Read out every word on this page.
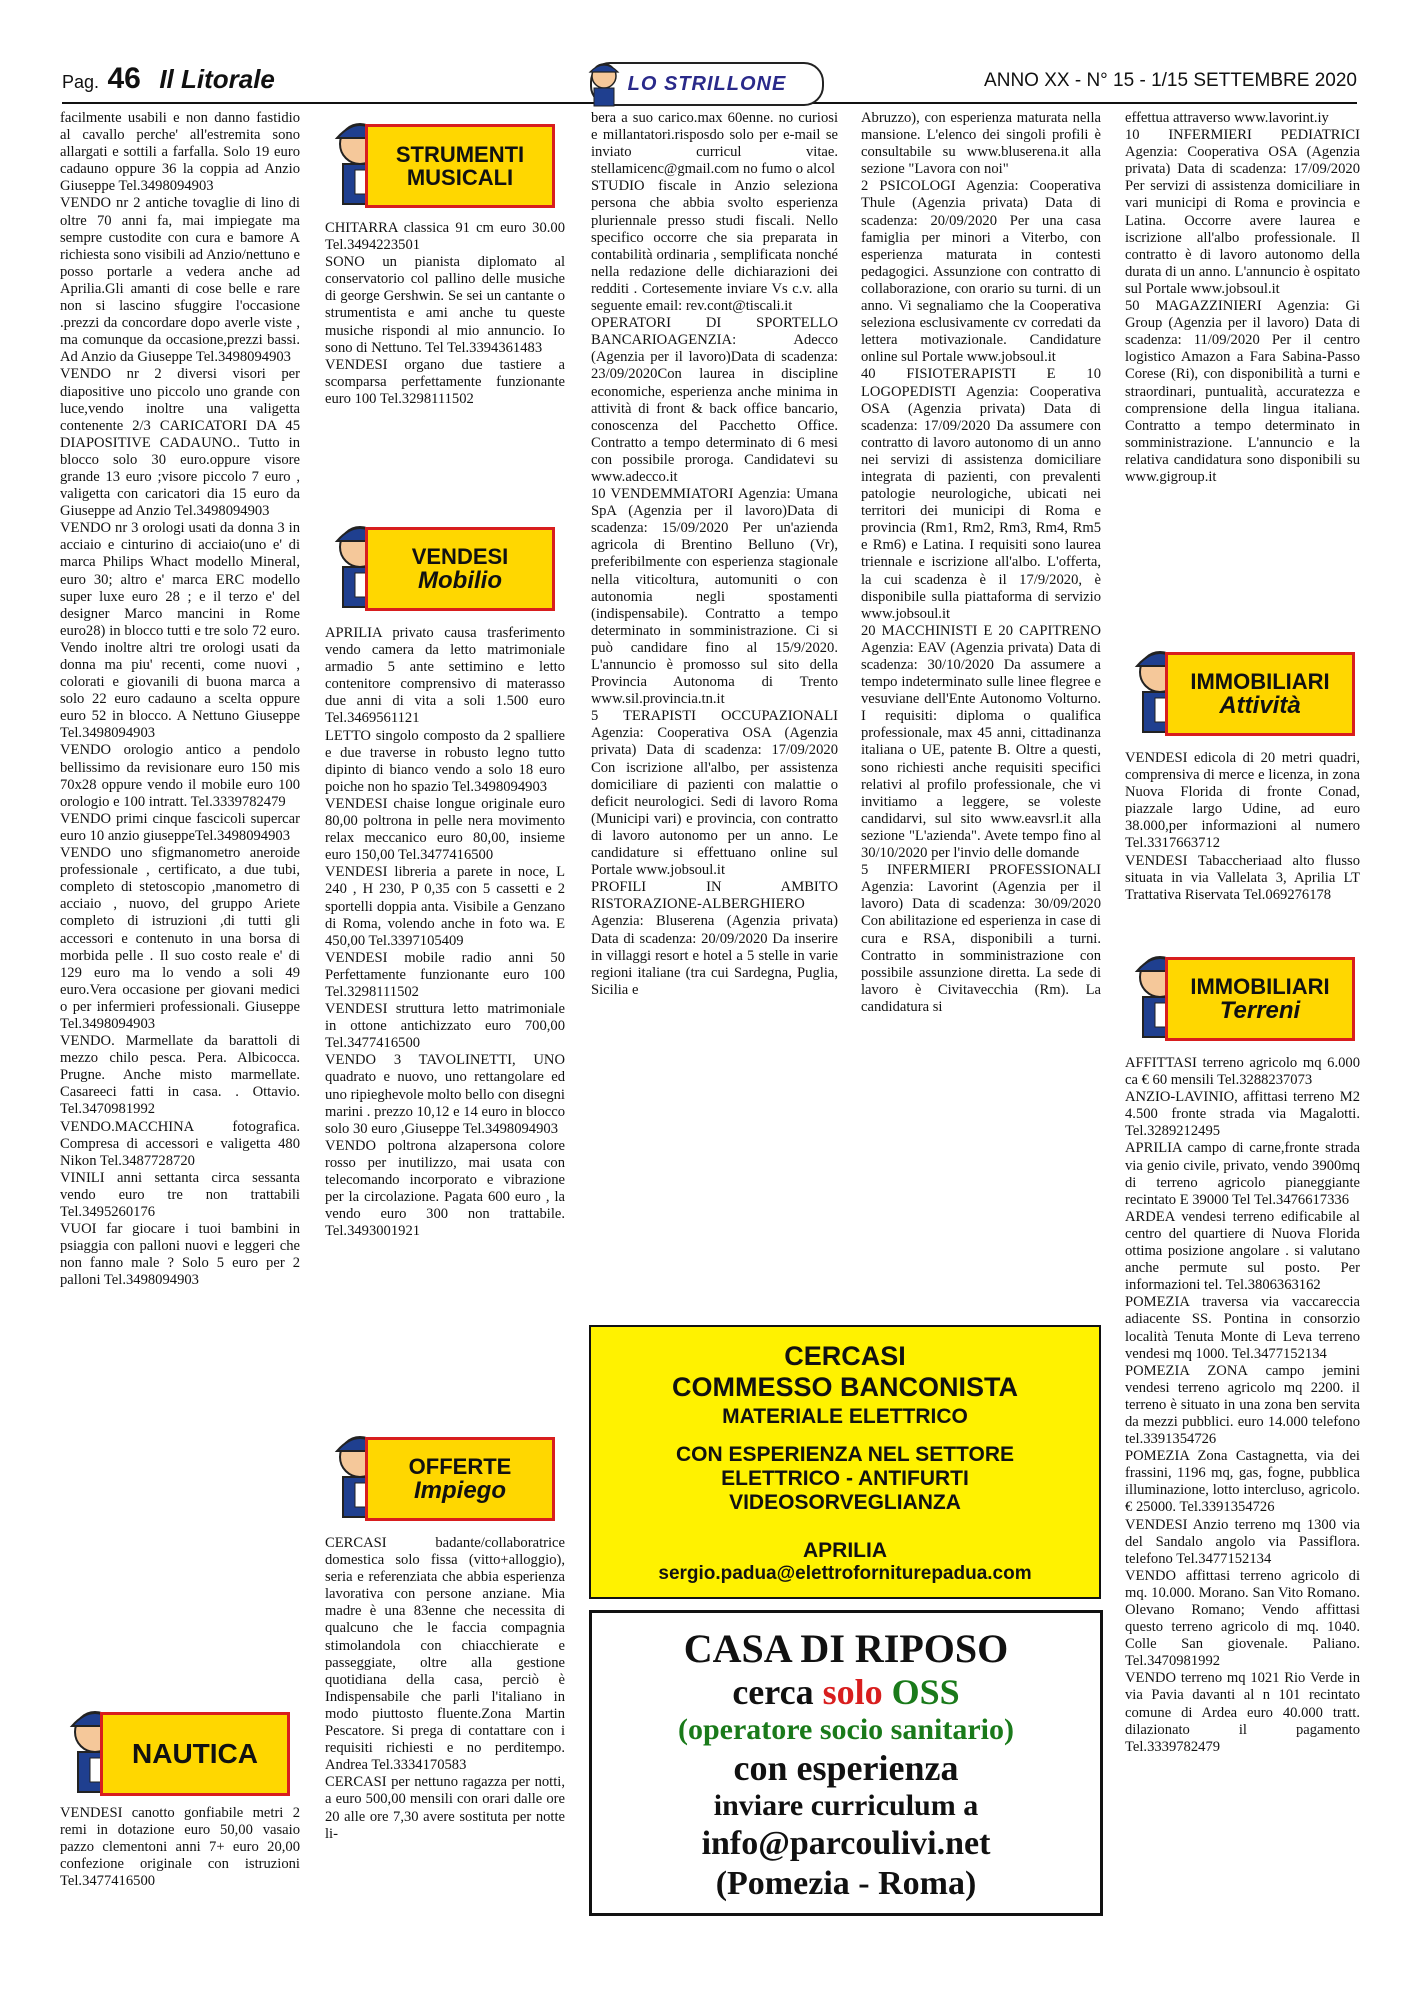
Pag. 46 Il Litorale	LO STRILLONE	ANNO XX - N° 15 - 1/15 SETTEMBRE 2020

facilmente usabili e non danno fastidio al cavallo perche' all'estremita sono allargati e sottili a farfalla. Solo 19 euro cadauno oppure 36 la coppia ad Anzio Giuseppe Tel.3498094903

VENDO nr 2 antiche tovaglie di lino di oltre 70 anni fa, mai impiegate ma sempre custodite con cura e bamore A richiesta sono visibili ad Anzio/nettuno e posso portarle a vedera anche ad Aprilia.Gli amanti di cose belle e rare non si lascino sfuggire l'occasione .prezzi da concordare dopo averle viste , ma comunque da occasione,prezzi bassi. Ad Anzio da Giuseppe Tel.3498094903

VENDO nr 2 diversi visori per diapositive uno piccolo uno grande con luce,vendo inoltre una valigetta contenente 2/3 CARICATORI DA 45 DIAPOSITIVE CADAUNO.. Tutto in blocco solo 30 euro.oppure visore grande 13 euro ;visore piccolo 7 euro , valigetta con caricatori dia 15 euro da Giuseppe ad Anzio Tel.3498094903

VENDO nr 3 orologi usati da donna 3 in acciaio e cinturino di acciaio(uno e' di marca Philips Whact modello Mineral, euro 30; altro e' marca ERC modello super luxe euro 28 ; e il terzo e' del designer Marco mancini in Rome euro28) in blocco tutti e tre solo 72 euro. Vendo inoltre altri tre orologi usati da donna ma piu' recenti, come nuovi , colorati e giovanili di buona marca a solo 22 euro cadauno a scelta oppure euro 52 in blocco. A Nettuno Giuseppe Tel.3498094903

VENDO orologio antico a pendolo bellissimo da revisionare euro 150 mis 70x28 oppure vendo il mobile euro 100 orologio e 100 intratt. Tel.3339782479

VENDO primi cinque fascicoli supercar euro 10 anzio giuseppeTel.3498094903

VENDO uno sfigmanometro aneroide professionale , certificato, a due tubi, completo di stetoscopio ,manometro di acciaio , nuovo, del gruppo Ariete completo di istruzioni ,di tutti gli accessori e contenuto in una borsa di morbida pelle . Il suo costo reale e' di 129 euro ma lo vendo a soli 49 euro.Vera occasione per giovani medici o per infermieri professionali. Giuseppe Tel.3498094903

VENDO. Marmellate da barattoli di mezzo chilo pesca. Pera. Albicocca. Prugne. Anche misto marmellate. Casareeci fatti in casa. . Ottavio. Tel.3470981992

VENDO.MACCHINA fotografica. Compresa di accessori e valigetta 480 Nikon Tel.3487728720

VINILI anni settanta circa sessanta vendo euro tre non trattabili Tel.3495260176

VUOI far giocare i tuoi bambini in psiaggia con palloni nuovi e leggeri che non fanno male ? Solo 5 euro per 2 palloni Tel.3498094903

NAUTICA

VENDESI canotto gonfiabile metri 2 remi in dotazione euro 50,00 vasaio pazzo clementoni anni 7+ euro 20,00 confezione originale con istruzioni Tel.3477416500

STRUMENTI
MUSICALI

CHITARRA classica 91 cm euro 30.00 Tel.3494223501

SONO un pianista diplomato al conservatorio col pallino delle musiche di george Gershwin. Se sei un cantante o strumentista e ami anche tu queste musiche rispondi al mio annuncio. Io sono di Nettuno. Tel Tel.3394361483

VENDESI organo due tastiere a scomparsa perfettamente funzionante euro 100 Tel.3298111502

VENDESI
Mobilio

APRILIA privato causa trasferimento vendo camera da letto matrimoniale armadio 5 ante settimino e letto contenitore comprensivo di materasso due anni di vita a soli 1.500 euro Tel.3469561121

LETTO singolo composto da 2 spalliere e due traverse in robusto legno tutto dipinto di bianco vendo a solo 18 euro poiche non ho spazio Tel.3498094903

VENDESI chaise longue originale euro 80,00 poltrona in pelle nera movimento relax meccanico euro 80,00, insieme euro 150,00 Tel.3477416500

VENDESI libreria a parete in noce, L 240 , H 230, P 0,35 con 5 cassetti e 2 sportelli doppia anta. Visibile a Genzano di Roma, volendo anche in foto wa. E 450,00 Tel.3397105409

VENDESI mobile radio anni 50 Perfettamente funzionante euro 100 Tel.3298111502

VENDESI struttura letto matrimoniale in ottone antichizzato euro 700,00 Tel.3477416500

VENDO 3 TAVOLINETTI, UNO quadrato e nuovo, uno rettangolare ed uno ripieghevole molto bello con disegni marini . prezzo 10,12 e 14 euro in blocco solo 30 euro ,Giuseppe Tel.3498094903

VENDO poltrona alzapersona colore rosso per inutilizzo, mai usata con telecomando incorporato e vibrazione per la circolazione. Pagata 600 euro , la vendo euro 300 non trattabile. Tel.3493001921

OFFERTE
Impiego

CERCASI badante/collaboratrice domestica solo fissa (vitto+alloggio), seria e referenziata che abbia esperienza lavorativa con persone anziane. Mia madre è una 83enne che necessita di qualcuno che le faccia compagnia stimolandola con chiacchierate e passeggiate, oltre alla gestione quotidiana della casa, perciò è Indispensabile che parli l'italiano in modo piuttosto fluente.Zona Martin Pescatore. Si prega di contattare con i requisiti richiesti e no perditempo. Andrea Tel.3334170583

CERCASI per nettuno ragazza per notti, a euro 500,00 mensili con orari dalle ore 20 alle ore 7,30 avere sostituta per notte li-

bera a suo carico.max 60enne. no curiosi e millantatori.risposdo solo per e-mail se inviato curricul vitae. stellamicenc@gmail.com no fumo o alcol

STUDIO fiscale in Anzio seleziona persona che abbia svolto esperienza pluriennale presso studi fiscali. Nello specifico occorre che sia preparata in contabilità ordinaria , semplificata nonché nella redazione delle dichiarazioni dei redditi . Cortesemente inviare Vs c.v. alla seguente email: rev.cont@tiscali.it

OPERATORI DI SPORTELLO BANCARIOAGENZIA: Adecco (Agenzia per il lavoro)Data di scadenza: 23/09/2020Con laurea in discipline economiche, esperienza anche minima in attività di front & back office bancario, conoscenza del Pacchetto Office. Contratto a tempo determinato di 6 mesi con possibile proroga. Candidatevi su www.adecco.it

10 VENDEMMIATORI Agenzia: Umana SpA (Agenzia per il lavoro)Data di scadenza: 15/09/2020 Per un'azienda agricola di Brentino Belluno (Vr), preferibilmente con esperienza stagionale nella viticoltura, automuniti o con autonomia negli spostamenti (indispensabile). Contratto a tempo determinato in somministrazione. Ci si può candidare fino al 15/9/2020. L'annuncio è promosso sul sito della Provincia Autonoma di Trento www.sil.provincia.tn.it

5 TERAPISTI OCCUPAZIONALI Agenzia: Cooperativa OSA (Agenzia privata) Data di scadenza: 17/09/2020 Con iscrizione all'albo, per assistenza domiciliare di pazienti con malattie o deficit neurologici. Sedi di lavoro Roma (Municipi vari) e provincia, con contratto di lavoro autonomo per un anno. Le candidature si effettuano online sul Portale www.jobsoul.it

PROFILI IN AMBITO RISTORAZIONE-ALBERGHIERO Agenzia: Bluserena (Agenzia privata) Data di scadenza: 20/09/2020 Da inserire in villaggi resort e hotel a 5 stelle in varie regioni italiane (tra cui Sardegna, Puglia, Sicilia e

Abruzzo), con esperienza maturata nella mansione. L'elenco dei singoli profili è consultabile su www.bluserena.it alla sezione "Lavora con noi"

2 PSICOLOGI Agenzia: Cooperativa Thule (Agenzia privata) Data di scadenza: 20/09/2020 Per una casa famiglia per minori a Viterbo, con esperienza maturata in contesti pedagogici. Assunzione con contratto di collaborazione, con orario su turni. di un anno. Vi segnaliamo che la Cooperativa seleziona esclusivamente cv corredati da lettera motivazionale. Candidature online sul Portale www.jobsoul.it

40 FISIOTERAPISTI E 10 LOGOPEDISTI Agenzia: Cooperativa OSA (Agenzia privata) Data di scadenza: 17/09/2020 Da assumere con contratto di lavoro autonomo di un anno nei servizi di assistenza domiciliare integrata di pazienti, con prevalenti patologie neurologiche, ubicati nei territori dei municipi di Roma e provincia (Rm1, Rm2, Rm3, Rm4, Rm5 e Rm6) e Latina. I requisiti sono laurea triennale e iscrizione all'albo. L'offerta, la cui scadenza è il 17/9/2020, è disponibile sulla piattaforma di servizio www.jobsoul.it

20 MACCHINISTI E 20 CAPITRENO Agenzia: EAV (Agenzia privata) Data di scadenza: 30/10/2020 Da assumere a tempo indeterminato sulle linee flegree e vesuviane dell'Ente Autonomo Volturno. I requisiti: diploma o qualifica professionale, max 45 anni, cittadinanza italiana o UE, patente B. Oltre a questi, sono richiesti anche requisiti specifici relativi al profilo professionale, che vi invitiamo a leggere, se voleste candidarvi, sul sito www.eavsrl.it alla sezione "L'azienda". Avete tempo fino al 30/10/2020 per l'invio delle domande

5 INFERMIERI PROFESSIONALI Agenzia: Lavorint (Agenzia per il lavoro) Data di scadenza: 30/09/2020 Con abilitazione ed esperienza in case di cura e RSA, disponibili a turni. Contratto in somministrazione con possibile assunzione diretta. La sede di lavoro è Civitavecchia (Rm). La candidatura si

effettua attraverso www.lavorint.iy

10 INFERMIERI PEDIATRICI Agenzia: Cooperativa OSA (Agenzia privata) Data di scadenza: 17/09/2020 Per servizi di assistenza domiciliare in vari municipi di Roma e provincia e Latina. Occorre avere laurea e iscrizione all'albo professionale. Il contratto è di lavoro autonomo della durata di un anno. L'annuncio è ospitato sul Portale www.jobsoul.it

50 MAGAZZINIERI Agenzia: Gi Group (Agenzia per il lavoro) Data di scadenza: 11/09/2020 Per il centro logistico Amazon a Fara Sabina-Passo Corese (Ri), con disponibilità a turni e straordinari, puntualità, accuratezza e comprensione della lingua italiana. Contratto a tempo determinato in somministrazione. L'annuncio e la relativa candidatura sono disponibili su www.gigroup.it

IMMOBILIARI
Attività

VENDESI edicola di 20 metri quadri, comprensiva di merce e licenza, in zona Nuova Florida di fronte Conad, piazzale largo Udine, ad euro 38.000,per informazioni al numero Tel.3317663712

VENDESI Tabaccheriaad alto flusso situata in via Vallelata 3, Aprilia LT Trattativa Riservata Tel.069276178

IMMOBILIARI
Terreni

AFFITTASI terreno agricolo mq 6.000 ca € 60 mensili Tel.3288237073

ANZIO-LAVINIO, affittasi terreno M2 4.500 fronte strada via Magalotti. Tel.3289212495

APRILIA campo di carne,fronte strada via genio civile, privato, vendo 3900mq di terreno agricolo pianeggiante recintato E 39000 Tel Tel.3476617336

ARDEA vendesi terreno edificabile al centro del quartiere di Nuova Florida ottima posizione angolare . si valutano anche permute sul posto. Per informazioni tel. Tel.3806363162

POMEZIA traversa via vaccareccia adiacente SS. Pontina in consorzio località Tenuta Monte di Leva terreno vendesi mq 1000. Tel.3477152134

POMEZIA ZONA campo jemini vendesi terreno agricolo mq 2200. il terreno è situato in una zona ben servita da mezzi pubblici. euro 14.000 telefono tel.3391354726

POMEZIA Zona Castagnetta, via dei frassini, 1196 mq, gas, fogne, pubblica illuminazione, lotto intercluso, agricolo. € 25000. Tel.3391354726

VENDESI Anzio terreno mq 1300 via del Sandalo angolo via Passiflora. telefono Tel.3477152134

VENDO affittasi terreno agricolo di mq. 10.000. Morano. San Vito Romano. Olevano Romano; Vendo affittasi questo terreno agricolo di mq. 1040. Colle San giovenale. Paliano. Tel.3470981992

VENDO terreno mq 1021 Rio Verde in via Pavia davanti al n 101 recintato comune di Ardea euro 40.000 tratt. dilazionato il pagamento Tel.3339782479

CERCASI
COMMESSO BANCONISTA
MATERIALE ELETTRICO
CON ESPERIENZA NEL SETTORE
ELETTRICO - ANTIFURTI
VIDEOSORVEGLIANZA
APRILIA
sergio.padua@elettroforniturepadua.com
CASA DI RIPOSO
cerca solo OSS
(operatore socio sanitario)
con esperienza
inviare curriculum a
info@parcoulivi.net
(Pomezia - Roma)
